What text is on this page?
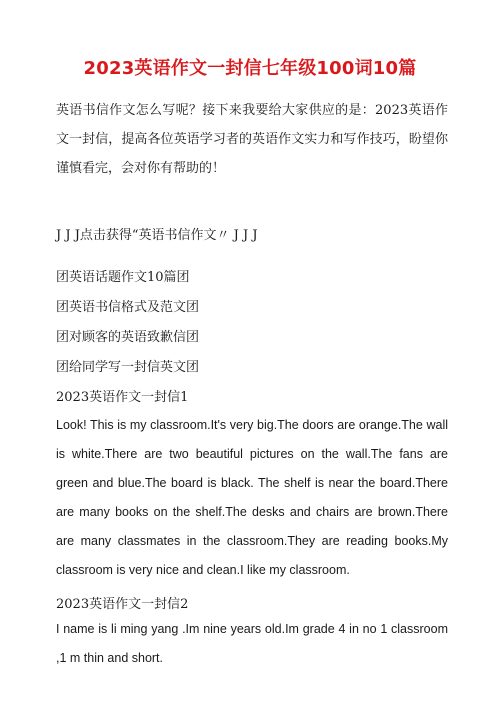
2023英语作文一封信七年级100词10篇
英语书信作文怎么写呢？接下来我要给大家供应的是：2023英语作文一封信，提高各位英语学习者的英语作文实力和写作技巧，盼望你谨慎看完，会对你有帮助的！
J J J点击获得“英语书信作文〃 J J J
团英语话题作文10篇团
团英语书信格式及范文团
团对顾客的英语致歉信团
团给同学写一封信英文团
2023英语作文一封信1
Look! This is my classroom.It's very big.The doors are orange.The wall is white.There are two beautiful pictures on the wall.The fans are green and blue.The board is black. The shelf is near the board.There are many books on the shelf.The desks and chairs are brown.There are many classmates in the classroom.They are reading books.My classroom is very nice and clean.I like my classroom.
2023英语作文一封信2
I name is li ming yang .Im nine years old.Im grade 4 in no 1 classroom ,1 m thin and short.
